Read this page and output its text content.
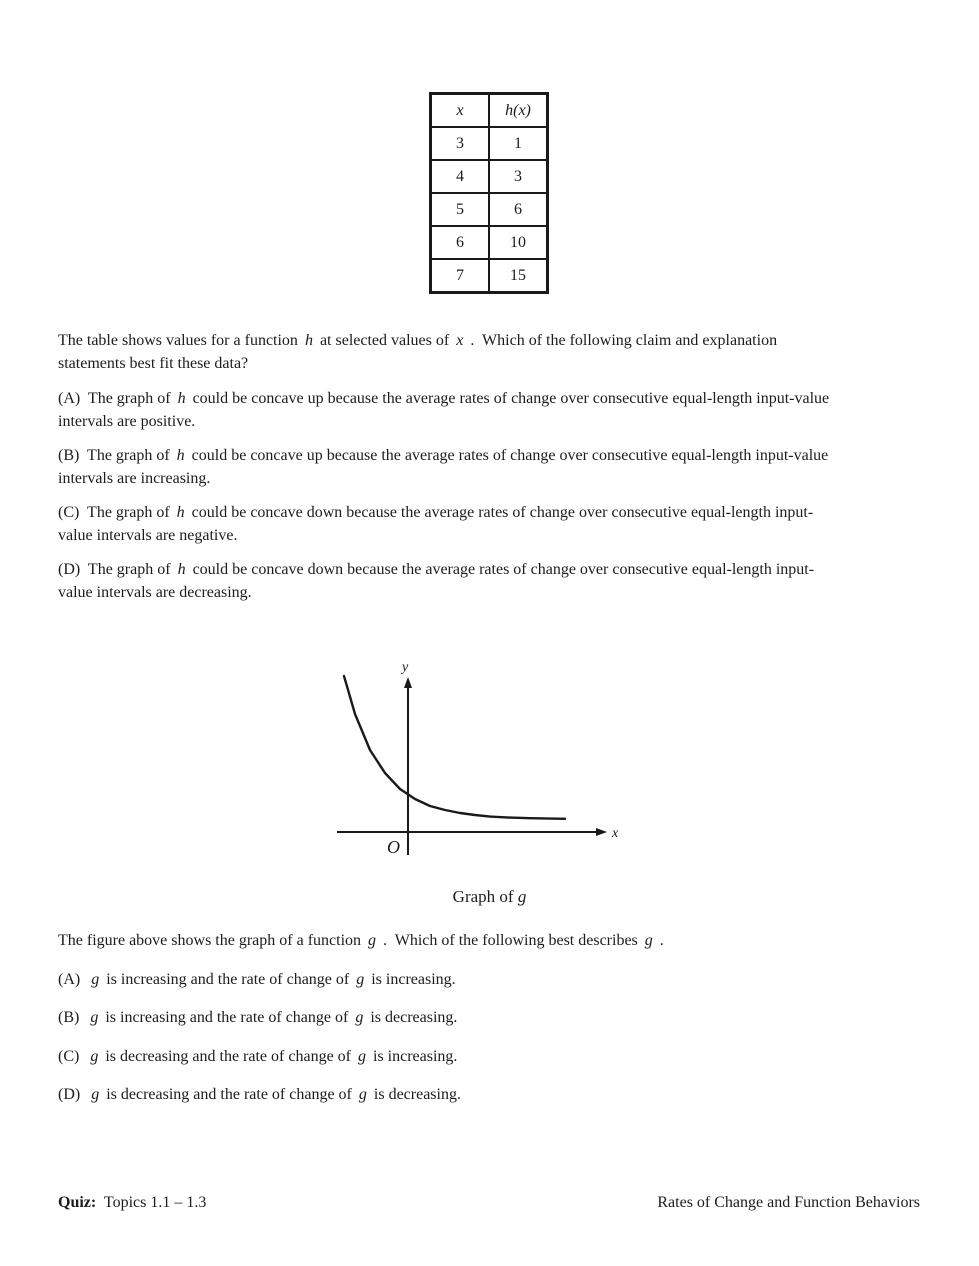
x	h(x)
3	1
4	3
5	6
6	10
7	15

The table shows values for a function h at selected values of x .  Which of the following claim and explanation
statements best fit these data?

(A)  The graph of h could be concave up because the average rates of change over consecutive equal-length input-value
intervals are positive.

(B)  The graph of h could be concave up because the average rates of change over consecutive equal-length input-value
intervals are increasing.

(C)  The graph of h could be concave down because the average rates of change over consecutive equal-length input-
value intervals are negative.

(D)  The graph of h could be concave down because the average rates of change over consecutive equal-length input-
value intervals are decreasing.

y
x
O
Graph of g

The figure above shows the graph of a function g .  Which of the following best describes g .

(A)  g is increasing and the rate of change of g is increasing.

(B)  g is increasing and the rate of change of g is decreasing.

(C)  g is decreasing and the rate of change of g is increasing.

(D)  g is decreasing and the rate of change of g is decreasing.

Quiz:  Topics 1.1 – 1.3	Rates of Change and Function Behaviors
